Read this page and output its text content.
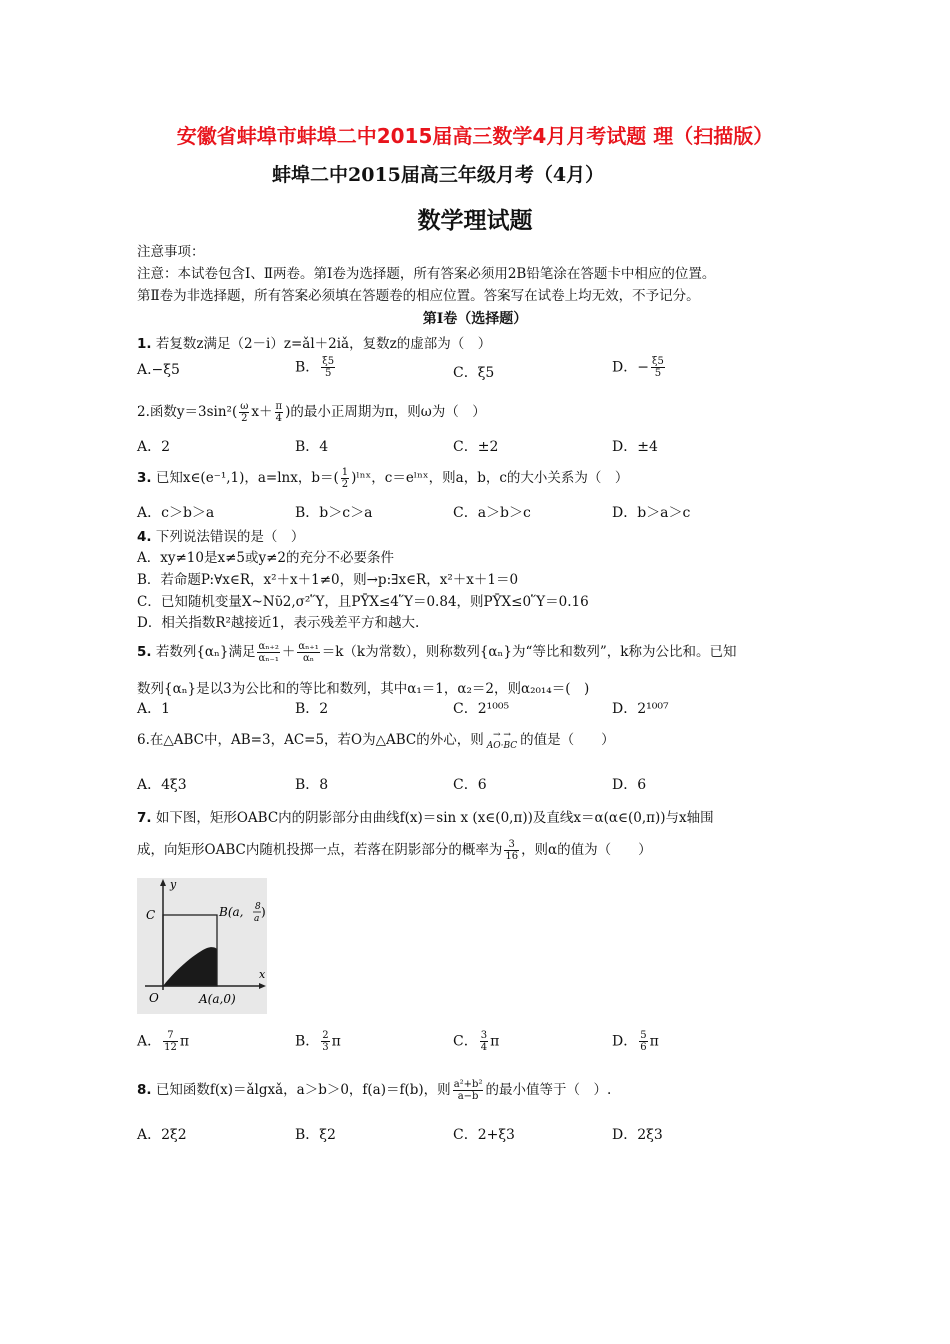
安徽省蚌埠市蚌埠二中2015届高三数学4月月考试题 理（扫描版）
蚌埠二中2015届高三年级月考（4月）
数学理试题
注意事项：
注意：本试卷包含Ⅰ、Ⅱ两卷。第Ⅰ卷为选择题，所有答案必须用2B铅笔涂在答题卡中相应的位置。
第Ⅱ卷为非选择题，所有答案必须填在答题卷的相应位置。答案写在试卷上均无效，不予记分。
第Ⅰ卷（选择题）
1. 若复数z满足（2－i）z=ǎl＋2iǎ，复数z的虚部为（　）
A.−ξ5	B． $\frac{\xi 5}{5}$	C．ξ5	D．− $\frac{\xi 5}{5}$
2.函数$y=3\sin^2( \frac{\omega}{2} x+ \frac{\pi}{4}$ )的最小正周期为π，则ω为（　）
A．2	B．4	C．±2	D．±4
3. 已知x∈(e⁻¹,1)，a=lnx，$b=( \frac{1}{2}$ )ˡⁿˣ，c＝eˡⁿˣ，则a，b，c的大小关系为（　）
A．c＞b＞a	B．b＞c＞a	C．a＞b＞c	D．b＞a＞c
4. 下列说法错误的是（　）
A．xy≠10是x≠5或y≠2的充分不必要条件
B．若命题P:∀x∈R，x²＋x＋1≠0，则→p:∃x∈R，x²＋x＋1＝0
C．已知随机变量X~Nῦ2,σ²Ὕ，且PῩX≤4Ὕ＝0.84，则PῩX≤0Ὕ＝0.16
D．相关指数R²越接近1，表示残差平方和越大.
5. 若数列{αₙ}满足 $\frac{\text{αₙ₊₂}}{\text{αₙ₋₁}} + \frac{\text{αₙ₊₁}}{\text{αₙ}} =k(k$为常数），则称数列{αₙ}为“等比和数列”，k称为公比和。已知
数列{αₙ}是以3为公比和的等比和数列，其中α₁＝1，α₂＝2，则α₂₀₁₄＝(　)
A．1	B．2	C．2¹⁰⁰⁵	D．2¹⁰⁰⁷
6.在△ABC中，AB=3，AC=5，若O为△ABC的外心，则	→ →
AO·BC 的值是（　　）
A．4ξ3	B．8	C．6	D．6
7. 如下图，矩形OABC内的阴影部分由曲线f(x)＝sin x (x∈(0,π))及直线x＝α(α∈(0,π))与x轴围
成，向矩形OABC内随机投掷一点，若落在阴影部分的概率为 $\frac{3}{16}$ ，则α的值为（　　）
y
x
C
O	A(a,0)
B(a, 8
a )
A． $\frac{7}{12}$ π	B． $\frac{2}{3}$ π	C． $\frac{3}{4}$ π	D． $\frac{5}{6}$ π
8. 已知函数f(x)＝ǎlgxǎ，a＞b＞0，f(a)＝f(b)，则 $\frac{\text{a²+b²}}{a-b}$ 的最小值等于（　）.
A．2ξ2	B．ξ2	C．2+ξ3	D．2ξ3
